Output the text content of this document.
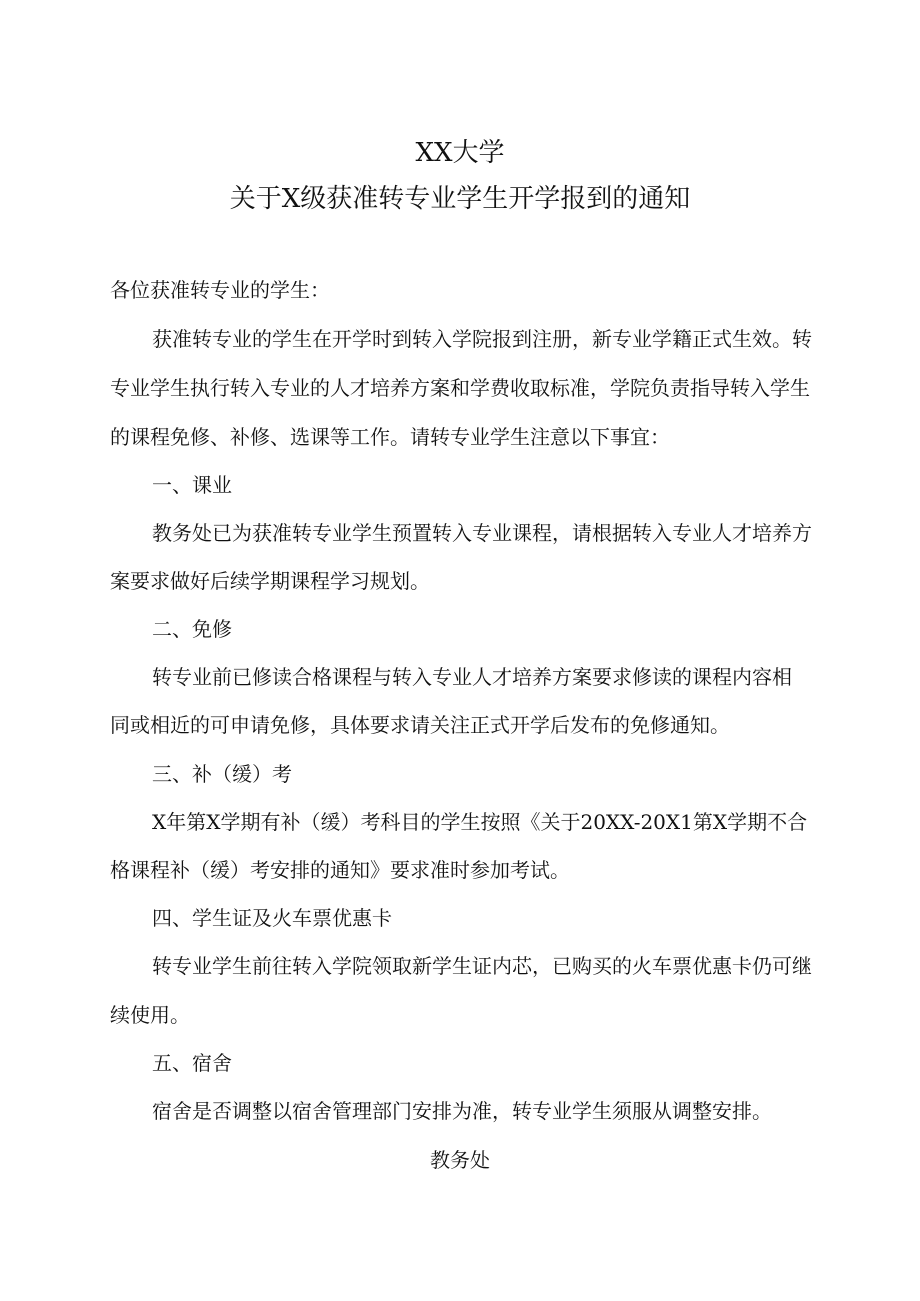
XX大学
关于X级获准转专业学生开学报到的通知
各位获准转专业的学生：
获准转专业的学生在开学时到转入学院报到注册，新专业学籍正式生效。转
专业学生执行转入专业的人才培养方案和学费收取标准，学院负责指导转入学生
的课程免修、补修、选课等工作。请转专业学生注意以下事宜：
一、课业
教务处已为获准转专业学生预置转入专业课程，请根据转入专业人才培养方
案要求做好后续学期课程学习规划。
二、免修
转专业前已修读合格课程与转入专业人才培养方案要求修读的课程内容相
同或相近的可申请免修，具体要求请关注正式开学后发布的免修通知。
三、补（缓）考
X年第X学期有补（缓）考科目的学生按照《关于20XX-20X1第X学期不合
格课程补（缓）考安排的通知》要求准时参加考试。
四、学生证及火车票优惠卡
转专业学生前往转入学院领取新学生证内芯，已购买的火车票优惠卡仍可继
续使用。
五、宿舍
宿舍是否调整以宿舍管理部门安排为准，转专业学生须服从调整安排。
教务处
